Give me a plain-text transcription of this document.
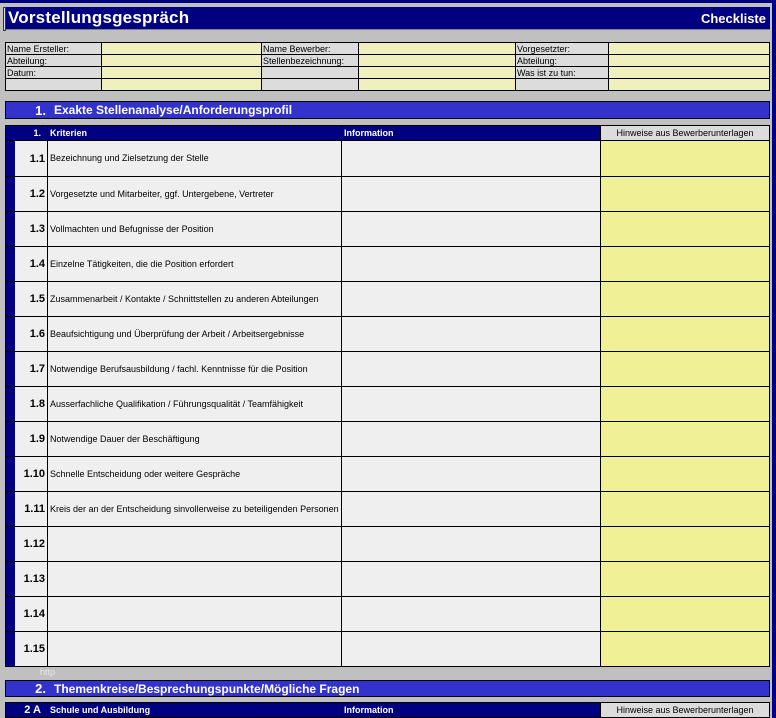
Vorstellungsgespräch	Checkliste
Name Ersteller:		Name Bewerber:		Vorgesetzter:	
Abteilung:		Stellenbezeichnung:		Abteilung:	
Datum:				Was ist zu tun:	

1. Exakte Stellenanalyse/Anforderungsprofil
1.	Kriterien	Information	Hinweise aus Bewerberunterlagen
1.1 Bezeichnung und Zielsetzung der Stelle
1.2 Vorgesetzte und Mitarbeiter, ggf. Untergebene, Vertreter
1.3 Vollmachten und Befugnisse der Position
1.4 Einzelne Tätigkeiten, die die Position erfordert
1.5 Zusammenarbeit / Kontakte / Schnittstellen zu anderen Abteilungen
1.6 Beaufsichtigung und Überprüfung der Arbeit / Arbeitsergebnisse
1.7 Notwendige Berufsausbildung / fachl. Kenntnisse für die Position
1.8 Ausserfachliche Qualifikation / Führungsqualität / Teamfähigkeit
1.9 Notwendige Dauer der Beschäftigung
1.10 Schnelle Entscheidung oder weitere Gespräche
1.11 Kreis der an der Entscheidung sinvollerweise zu beteiligenden Personen
1.12
1.13
1.14
1.15
http
2. Themenkreise/Besprechungspunkte/Mögliche Fragen
2 A	Schule und Ausbildung	Information	Hinweise aus Bewerberunterlagen
